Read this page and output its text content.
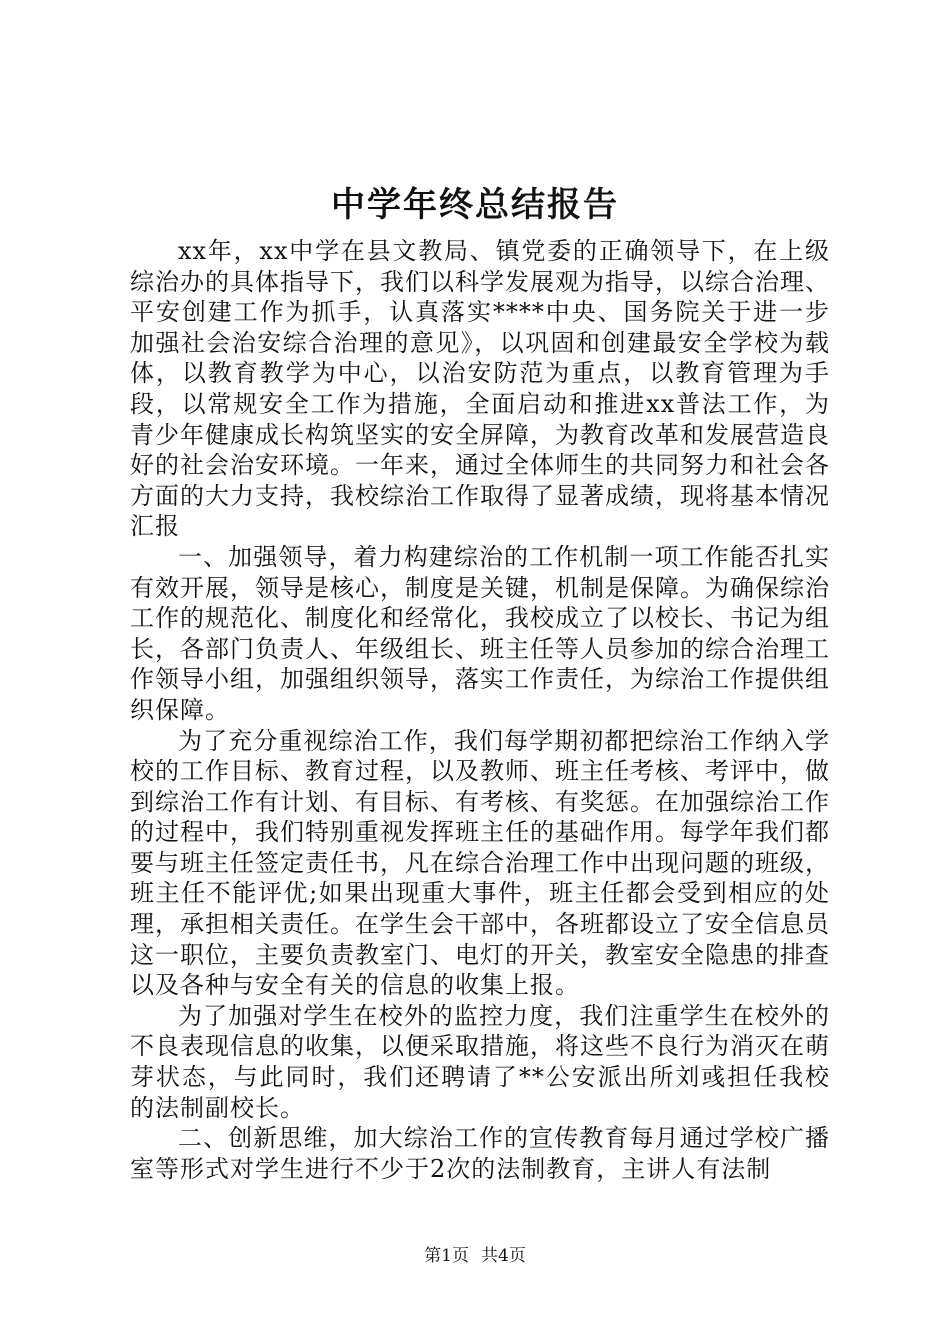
中学年终总结报告

xx年，xx中学在县文教局、镇党委的正确领导下，在上级综治办的具体指导下，我们以科学发展观为指导，以综合治理、平安创建工作为抓手，认真落实****中央、国务院关于进一步加强社会治安综合治理的意见》，以巩固和创建最安全学校为载体，以教育教学为中心，以治安防范为重点，以教育管理为手段，以常规安全工作为措施，全面启动和推进xx普法工作，为青少年健康成长构筑坚实的安全屏障，为教育改革和发展营造良好的社会治安环境。一年来，通过全体师生的共同努力和社会各方面的大力支持，我校综治工作取得了显著成绩，现将基本情况汇报

一、加强领导，着力构建综治的工作机制一项工作能否扎实有效开展，领导是核心，制度是关键，机制是保障。为确保综治工作的规范化、制度化和经常化，我校成立了以校长、书记为组长，各部门负责人、年级组长、班主任等人员参加的综合治理工作领导小组，加强组织领导，落实工作责任，为综治工作提供组织保障。

为了充分重视综治工作，我们每学期初都把综治工作纳入学校的工作目标、教育过程，以及教师、班主任考核、考评中，做到综治工作有计划、有目标、有考核、有奖惩。在加强综治工作的过程中，我们特别重视发挥班主任的基础作用。每学年我们都要与班主任签定责任书，凡在综合治理工作中出现问题的班级，班主任不能评优;如果出现重大事件，班主任都会受到相应的处理，承担相关责任。在学生会干部中，各班都设立了安全信息员这一职位，主要负责教室门、电灯的开关，教室安全隐患的排查以及各种与安全有关的信息的收集上报。

为了加强对学生在校外的监控力度，我们注重学生在校外的不良表现信息的收集，以便采取措施，将这些不良行为消灭在萌芽状态，与此同时，我们还聘请了**公安派出所刘彧担任我校的法制副校长。

二、创新思维，加大综治工作的宣传教育每月通过学校广播室等形式对学生进行不少于2次的法制教育，主讲人有法制

第1页 共4页
